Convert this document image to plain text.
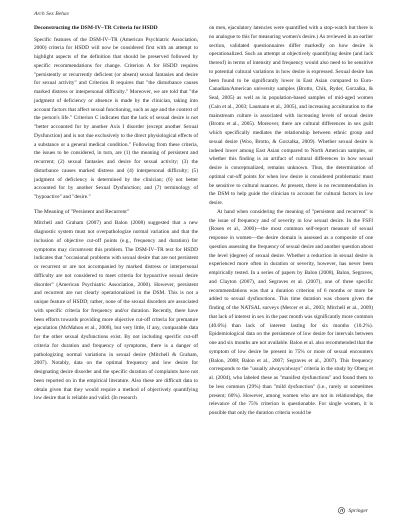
Arch Sex Behav
Deconstructing the DSM-IV–TR Criteria for HSDD

Specific features of the DSM-IV–TR (American Psychiatric Association, 2000) criteria for HSDD will now be considered first with an attempt to highlight aspects of the definition that should be preserved followed by specific recommendations for change. Criterion A for HSDD requires "persistently or recurrently deficient (or absent) sexual fantasies and desire for sexual activity" and Criterion B requires that "the disturbance causes marked distress or interpersonal difficulty." Moreover, we are told that "the judgment of deficiency or absence is made by the clinician, taking into account factors that affect sexual functioning, such as age and the context of the person's life." Criterion C indicates that the lack of sexual desire is not "better accounted for by another Axis I disorder (except another Sexual Dysfunction) and is not due exclusively to the direct physiological effects of a substance or a general medical condition." Following from these criteria, the issues to be considered, in turn, are (1) the meaning of persistent and recurrent; (2) sexual fantasies and desire for sexual activity; (3) the disturbance causes marked distress and (4) interpersonal difficulty; (5) judgment of deficiency is determined by the clinician; (6) not better accounted for by another Sexual Dysfunction; and (7) terminology of "hypoactive" and "desire."

The Meaning of "Persistent and Recurrent"

Mitchell and Graham (2007) and Balon (2008) suggested that a new diagnostic system must not overpathologize normal variation and that the inclusion of objective cut-off points (e.g., frequency and duration) for symptoms may circumvent this problem. The DSM-IV–TR text for HSDD indicates that "occasional problems with sexual desire that are not persistent or recurrent or are not accompanied by marked distress or interpersonal difficulty are not considered to meet criteria for hypoactive sexual desire disorder" (American Psychiatric Association, 2000). However, persistent and recurrent are not clearly operationalized in the DSM. This is not a unique feature of HSDD; rather, none of the sexual disorders are associated with specific criteria for frequency and/or duration. Recently, there have been efforts towards providing more objective cut-off criteria for premature ejaculation (McMahon et al., 2008), but very little, if any, comparable data for the other sexual dysfunctions exist. By not including specific cut-off criteria for duration and frequency of symptoms, there is a danger of pathologizing normal variations in sexual desire (Mitchell & Graham, 2007). Notably, data on the optimal frequency and low desire for designating desire disorder and the specific duration of complaints have not been reported on in the empirical literature. Also these are difficult data to obtain given that they would require a method of objectively quantifying low desire that is reliable and valid. (In research

on men, ejaculatory latencies were quantified with a stop-watch but there is no analogue to this for measuring women's desire.) As reviewed in an earlier section, validated questionnaires differ markedly on how desire is operationalized. Such an attempt at objectively quantifying desire (and lack thereof) in terms of intensity and frequency would also need to be sensitive to potential cultural variations in how desire is expressed. Sexual desire has been found to be significantly lower in East Asian compared to Euro-Canadian/American university samples (Brotto, Chik, Ryder, Gorzalka, & Seal, 2005) as well as in population-based samples of mid-aged women (Cain et al., 2003; Laumann et al., 2005), and increasing acculturation to the mainstream culture is associated with increasing levels of sexual desire (Brotto et al., 2005). Moreover, there are cultural differences in sex guilt which specifically mediates the relationship between ethnic group and sexual desire (Woo, Brotto, & Gorzalka, 2009). Whether sexual desire is indeed lower among East Asian compared to North American samples, or whether this finding is an artifact of cultural differences in how sexual desire is conceptualized, remains unknown. Thus, the determination of optimal cut-off points for when low desire is considered problematic must be sensitive to cultural nuances. At present, there is no recommendation in the DSM to help guide the clinician to account for cultural factors in low desire.

At hand when considering the meaning of "persistent and recurrent" is the issue of frequency and of severity in low sexual desire. In the FSFI (Rosen et al., 2000)—the most common self-report measure of sexual response in women—the desire domain is assessed as a composite of one question assessing the frequency of sexual desire and another question about the level (degree) of sexual desire. Whether a reduction in sexual desire is experienced more often in duration or severity, however, has never been empirically tested. In a series of papers by Balon (2008), Balon, Segraves, and Clayton (2007), and Segraves et al. (2007), one of three specific recommendations was that a duration criterion of 6 months or more be added to sexual dysfunctions. This time duration was chosen given the finding of the NATSAL surveys (Mercer et al., 2003; Mitchell et al., 2009) that lack of interest in sex in the past month was significantly more common (40.6%) than lack of interest lasting for six months (10.2%). Epidemiological data on the persistence of low desire for intervals between one and six months are not available. Balon et al. also recommended that the symptom of low desire be present in 75% or more of sexual encounters (Balon, 2008; Balon et al., 2007; Segraves et al., 2007). This frequency corresponds to the "usually always/always" criteria in the study by Oberg et al. (2004), who labeled these as "manifest dysfunctions" and found them to be less common (29%) than "mild dysfunction" (i.e., rarely or sometimes present; 60%). However, among women who are not in relationships, the relevance of the 75% criterion is questionable. For single women, it is possible that only the duration criteria would be

Springer
